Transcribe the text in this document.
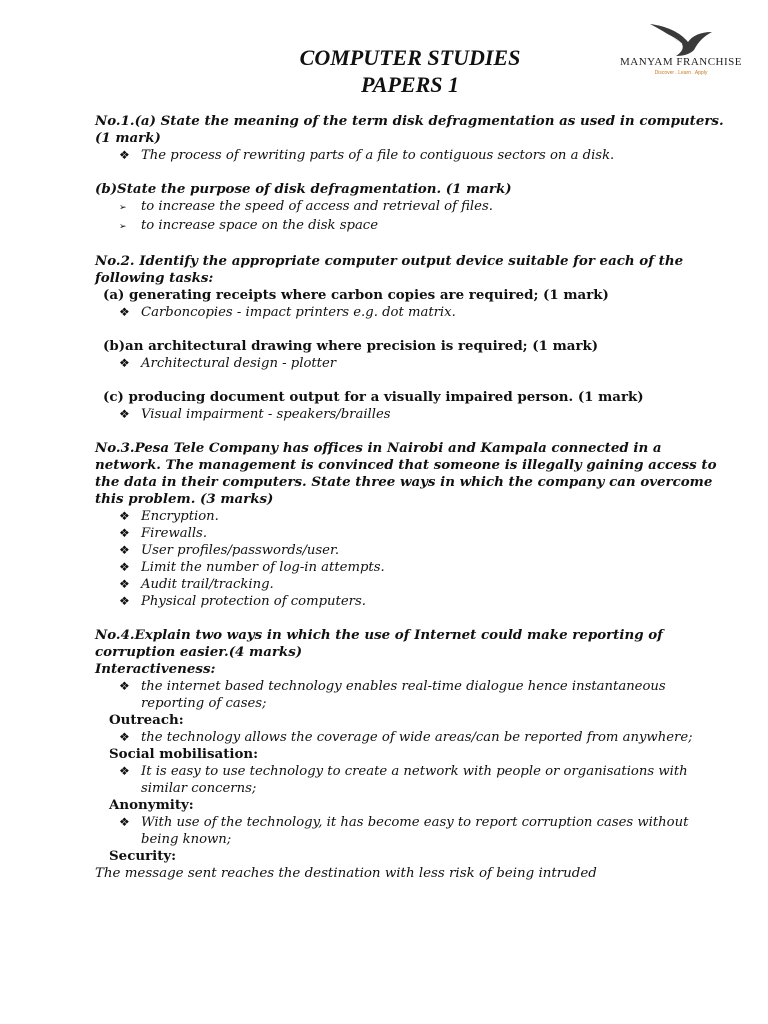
COMPUTER STUDIES
PAPERS 1
MANYAM FRANCHISE
Discover . Learn . Apply

No.1.(a) State the meaning of the term disk defragmentation as used in computers. (1 mark)

❖ The process of rewriting parts of a file to contiguous sectors on a disk.

(b)State the purpose of disk defragmentation. (1 mark)

➢ to increase the speed of access and retrieval of files.

➢ to increase space on the disk space

No.2. Identify the appropriate computer output device suitable for each of the following tasks:

(a) generating receipts where carbon copies are required; (1 mark)

❖ Carboncopies - impact printers e.g. dot matrix.

(b)an architectural drawing where precision is required; (1 mark)

❖ Architectural design - plotter

(c) producing document output for a visually impaired person. (1 mark)

❖ Visual impairment - speakers/brailles

No.3.Pesa Tele Company has offices in Nairobi and Kampala connected in a network. The management is convinced that someone is illegally gaining access to the data in their computers. State three ways in which the company can overcome this problem. (3 marks)

❖ Encryption.

❖ Firewalls.

❖ User profiles/passwords/user.

❖ Limit the number of log-in attempts.

❖ Audit trail/tracking.

❖ Physical protection of computers.

No.4.Explain two ways in which the use of Internet could make reporting of corruption easier.(4 marks)

Interactiveness:

❖ the internet based technology enables real-time dialogue hence instantaneous reporting of cases;

Outreach:

❖ the technology allows the coverage of wide areas/can be reported from anywhere;

Social mobilisation:

❖ It is easy to use technology to create a network with people or organisations with similar concerns;

Anonymity:

❖ With use of the technology, it has become easy to report corruption cases without being known;

Security:

The message sent reaches the destination with less risk of being intruded
